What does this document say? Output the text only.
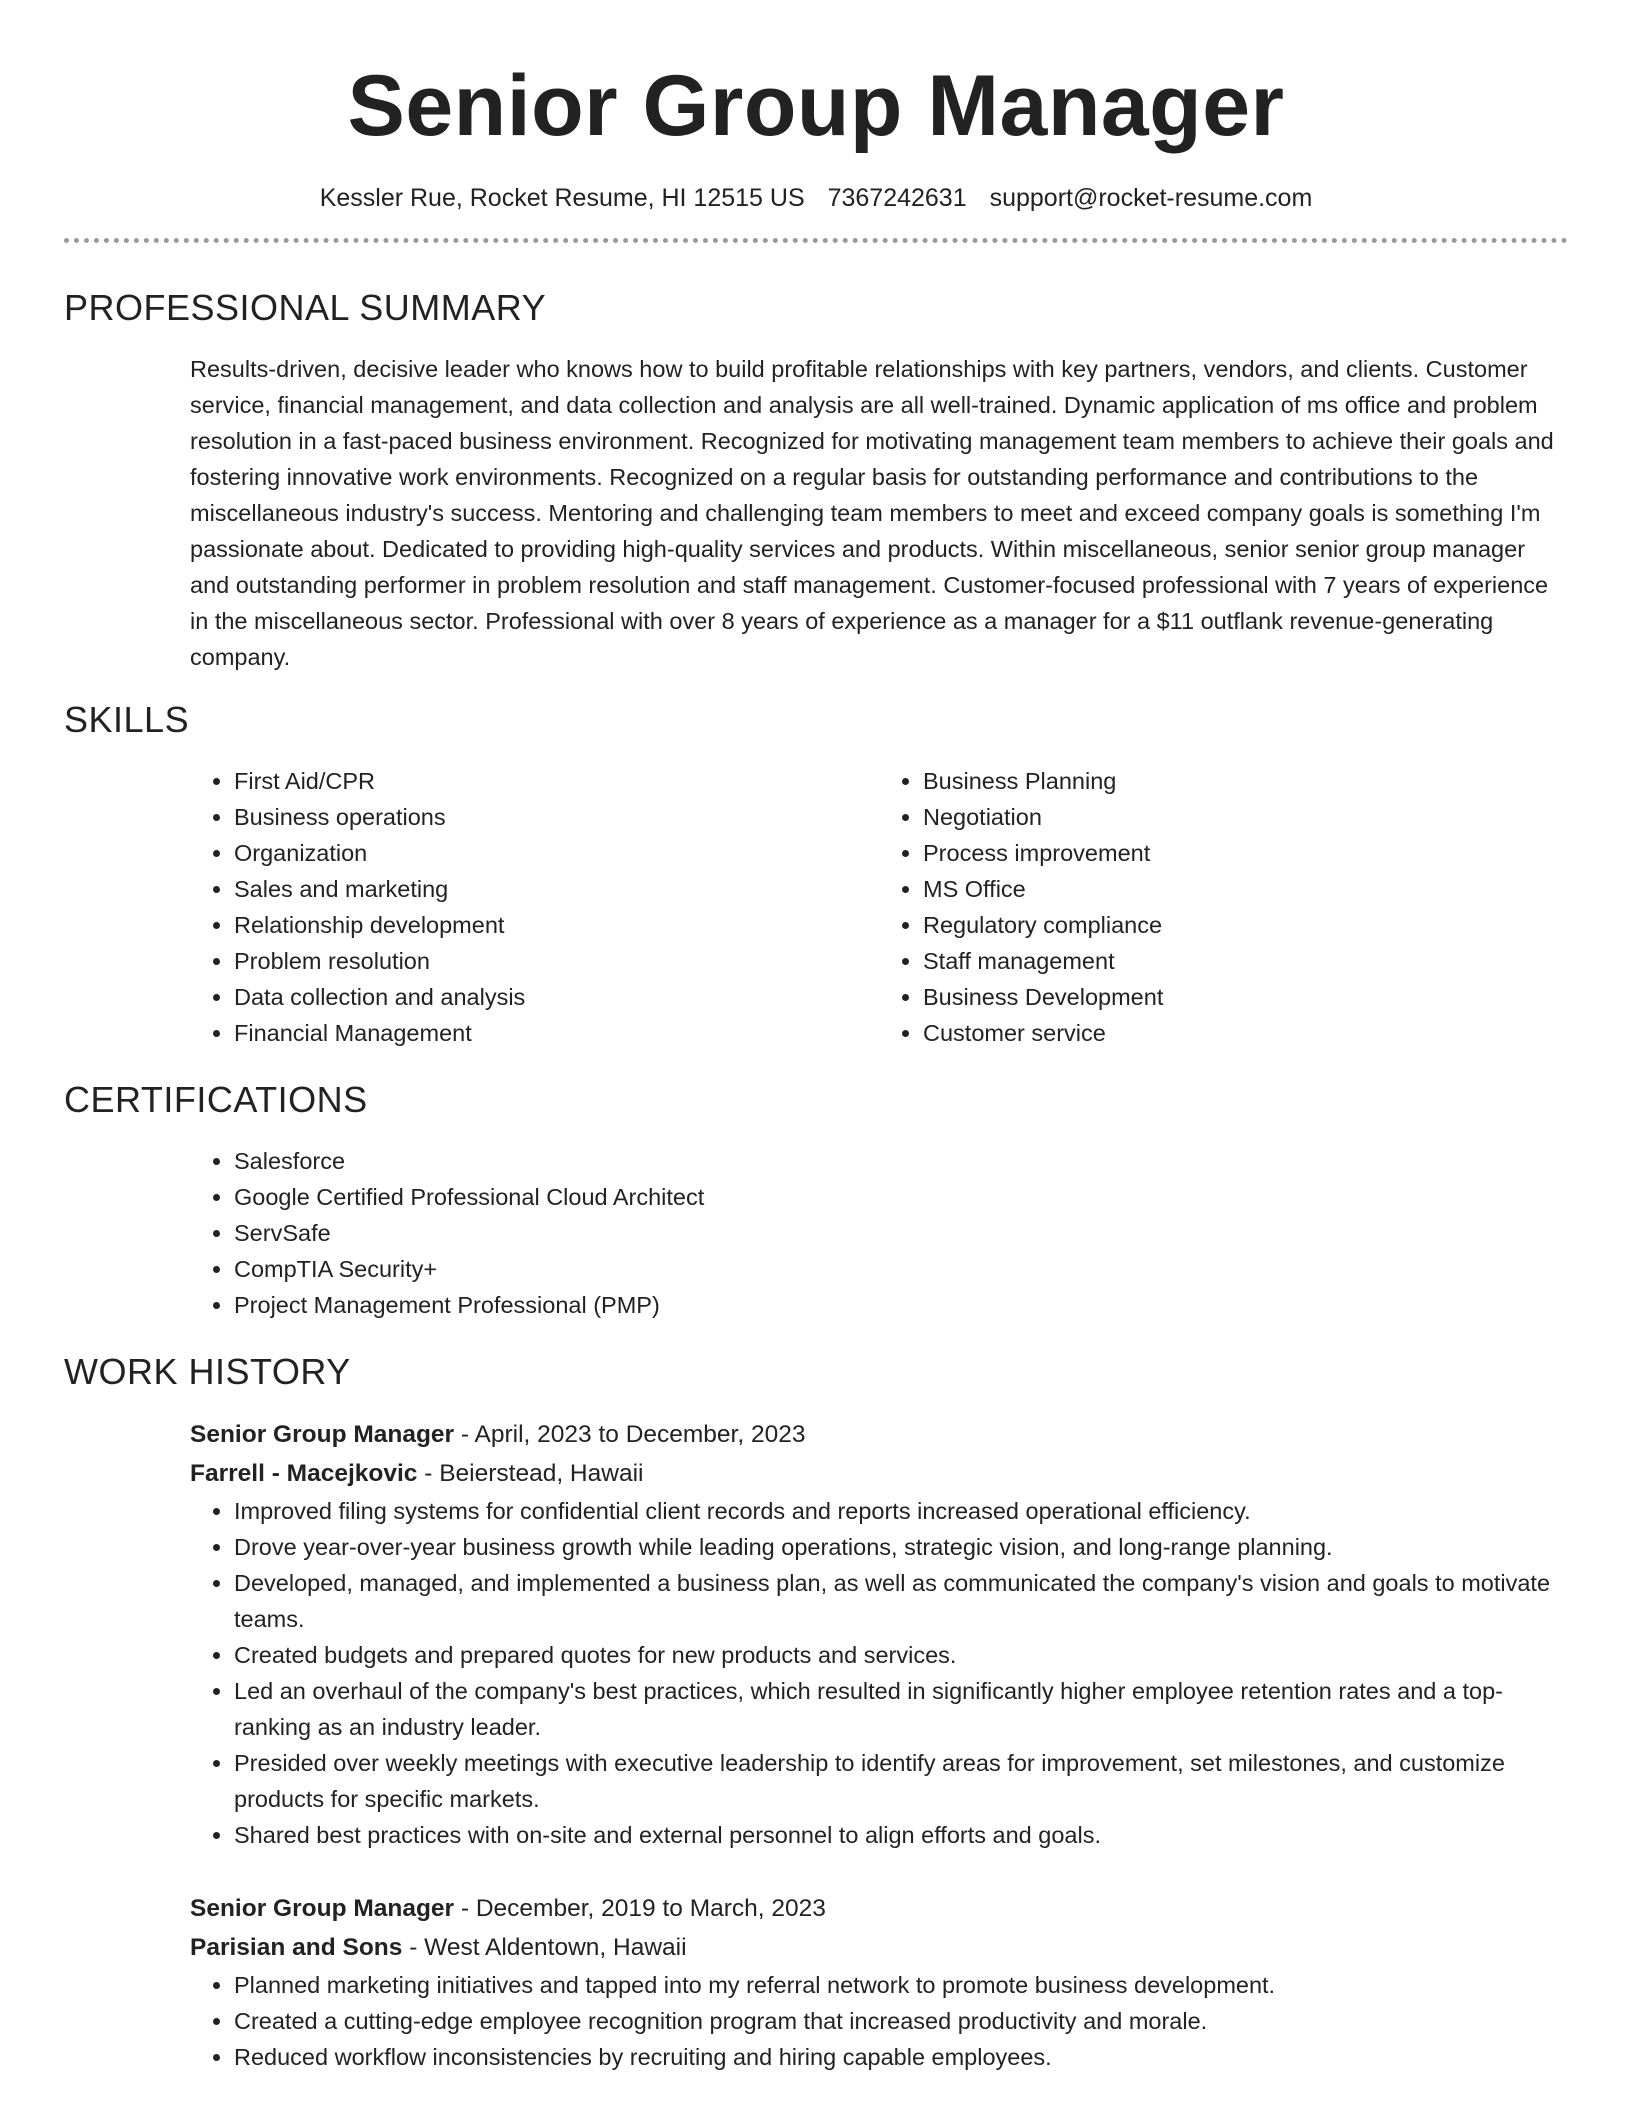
Senior Group Manager
Kessler Rue, Rocket Resume, HI 12515 US 7367242631 support@rocket-resume.com
PROFESSIONAL SUMMARY

Results-driven, decisive leader who knows how to build profitable relationships with key partners, vendors, and clients. Customer service, financial management, and data collection and analysis are all well-trained. Dynamic application of ms office and problem resolution in a fast-paced business environment. Recognized for motivating management team members to achieve their goals and fostering innovative work environments. Recognized on a regular basis for outstanding performance and contributions to the miscellaneous industry's success. Mentoring and challenging team members to meet and exceed company goals is something I'm passionate about. Dedicated to providing high-quality services and products. Within miscellaneous, senior senior group manager and outstanding performer in problem resolution and staff management. Customer-focused professional with 7 years of experience in the miscellaneous sector. Professional with over 8 years of experience as a manager for a $11 outflank revenue-generating company.

SKILLS
• First Aid/CPR
• Business operations
• Organization
• Sales and marketing
• Relationship development
• Problem resolution
• Data collection and analysis
• Financial Management
• Business Planning
• Negotiation
• Process improvement
• MS Office
• Regulatory compliance
• Staff management
• Business Development
• Customer service
CERTIFICATIONS
• Salesforce
• Google Certified Professional Cloud Architect
• ServSafe
• CompTIA Security+
• Project Management Professional (PMP)
WORK HISTORY
Senior Group Manager - April, 2023 to December, 2023
Farrell - Macejkovic - Beierstead, Hawaii
• Improved filing systems for confidential client records and reports increased operational efficiency.
• Drove year-over-year business growth while leading operations, strategic vision, and long-range planning.
• Developed, managed, and implemented a business plan, as well as communicated the company's vision and goals to motivate teams.
• Created budgets and prepared quotes for new products and services.
• Led an overhaul of the company's best practices, which resulted in significantly higher employee retention rates and a top-ranking as an industry leader.
• Presided over weekly meetings with executive leadership to identify areas for improvement, set milestones, and customize products for specific markets.
• Shared best practices with on-site and external personnel to align efforts and goals.
Senior Group Manager - December, 2019 to March, 2023
Parisian and Sons - West Aldentown, Hawaii
• Planned marketing initiatives and tapped into my referral network to promote business development.
• Created a cutting-edge employee recognition program that increased productivity and morale.
• Reduced workflow inconsistencies by recruiting and hiring capable employees.
